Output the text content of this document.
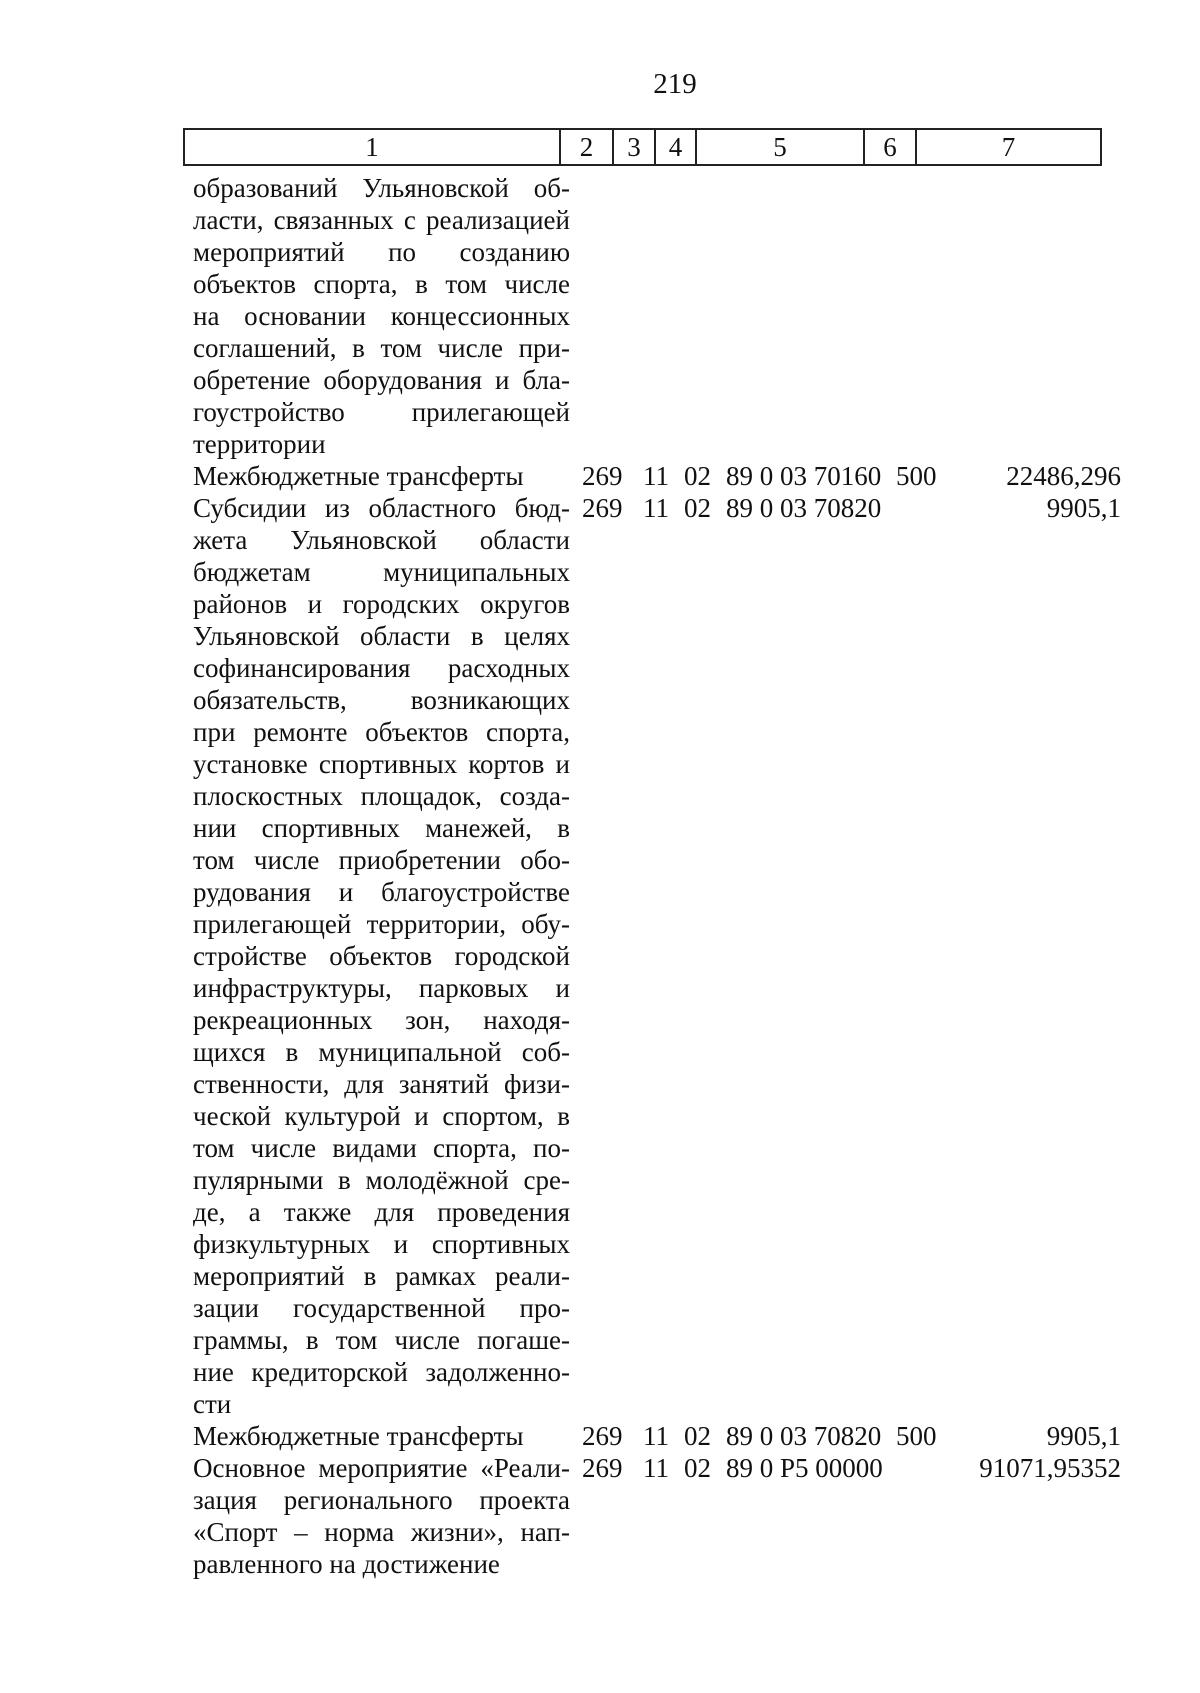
219
1	2	3	4	5	6	7
образований Ульяновской об-
ласти, связанных с реализацией
мероприятий по созданию
объектов спорта, в том числе
на основании концессионных
соглашений, в том числе при-
обретение оборудования и бла-
гоустройство прилегающей
территории
Межбюджетные трансферты	269 11 02 89 0 03 70160 500	22486,296
Субсидии из областного бюд-
жета Ульяновской области
бюджетам муниципальных
районов и городских округов
Ульяновской области в целях
софинансирования расходных
обязательств, возникающих
при ремонте объектов спорта,
установке спортивных кортов и
плоскостных площадок, созда-
нии спортивных манежей, в
том числе приобретении обо-
рудования и благоустройстве
прилегающей территории, обу-
стройстве объектов городской
инфраструктуры, парковых и
рекреационных зон, находя-
щихся в муниципальной соб-
ственности, для занятий физи-
ческой культурой и спортом, в
том числе видами спорта, по-
пулярными в молодёжной сре-
де, а также для проведения
физкультурных и спортивных
мероприятий в рамках реали-
зации государственной про-
граммы, в том числе погаше-
ние кредиторской задолженно-
сти
269 11 02 89 0 03 70820	9905,1
Межбюджетные трансферты	269 11 02 89 0 03 70820 500	9905,1
Основное мероприятие «Реали-
зация регионального проекта
«Спорт – норма жизни», нап-
равленного на достижение
269 11 02 89 0 P5 00000	91071,95352
